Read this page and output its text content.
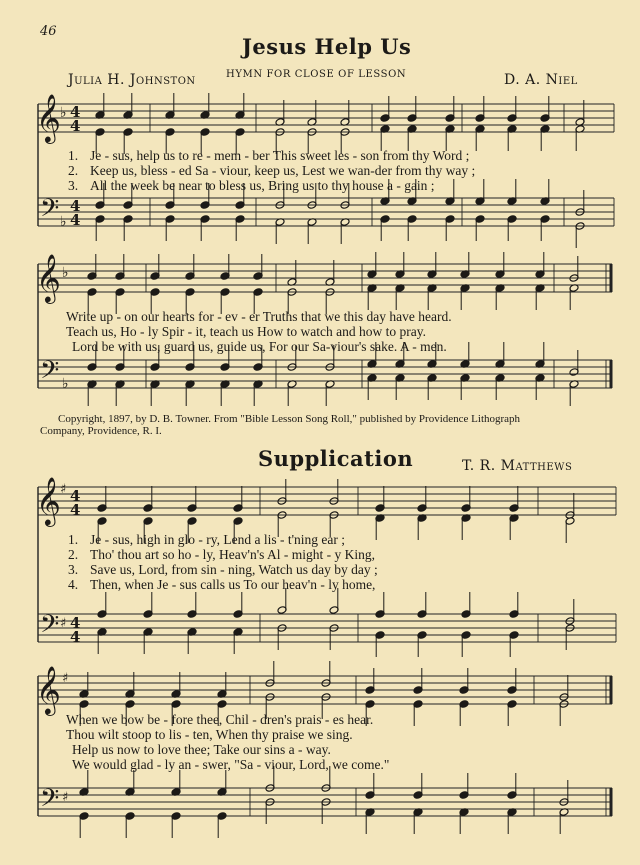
46
Jesus Help Us
Julia H. Johnston	HYMN FOR CLOSE OF LESSON	D. A. Niel
Supplication	T. R. Matthews
𝄞 ♭ 4
4
𝄢 ♭
4
4
𝄞 ♭
𝄢 ♭
𝄞 ♯ 4
4
𝄢 ♯ 4
4
𝄞 ♯
𝄢 ♯
1. Je - sus, help us to re - mem - ber This sweet les - son from thy Word ;
2. Keep us, bless - ed Sa - viour, keep us, Lest we wan-der from thy way ;
3. All the week be near to bless us, Bring us to thy house a - gain ;
Write up - on our hearts for - ev - er Truths that we this day have heard.
Teach us, Ho - ly Spir - it, teach us How to watch and how to pray.
Lord be with us, guard us, guide us, For our Sa-viour's sake. A - men.
Copyright, 1897, by D. B. Towner. From "Bible Lesson Song Roll," published by Providence Lithograph
Company, Providence, R. I.
1. Je - sus, high in glo - ry, Lend a lis - t'ning ear ;
2. Tho' thou art so ho - ly, Heav'n's Al - might - y King,
3. Save us, Lord, from sin - ning, Watch us day by day ;
4. Then, when Je - sus calls us To our heav'n - ly home,
When we bow be - fore thee, Chil - dren's prais - es hear.
Thou wilt stoop to lis - ten, When thy praise we sing.
Help us now to love thee; Take our sins a - way.
We would glad - ly an - swer, "Sa - viour, Lord, we come."
